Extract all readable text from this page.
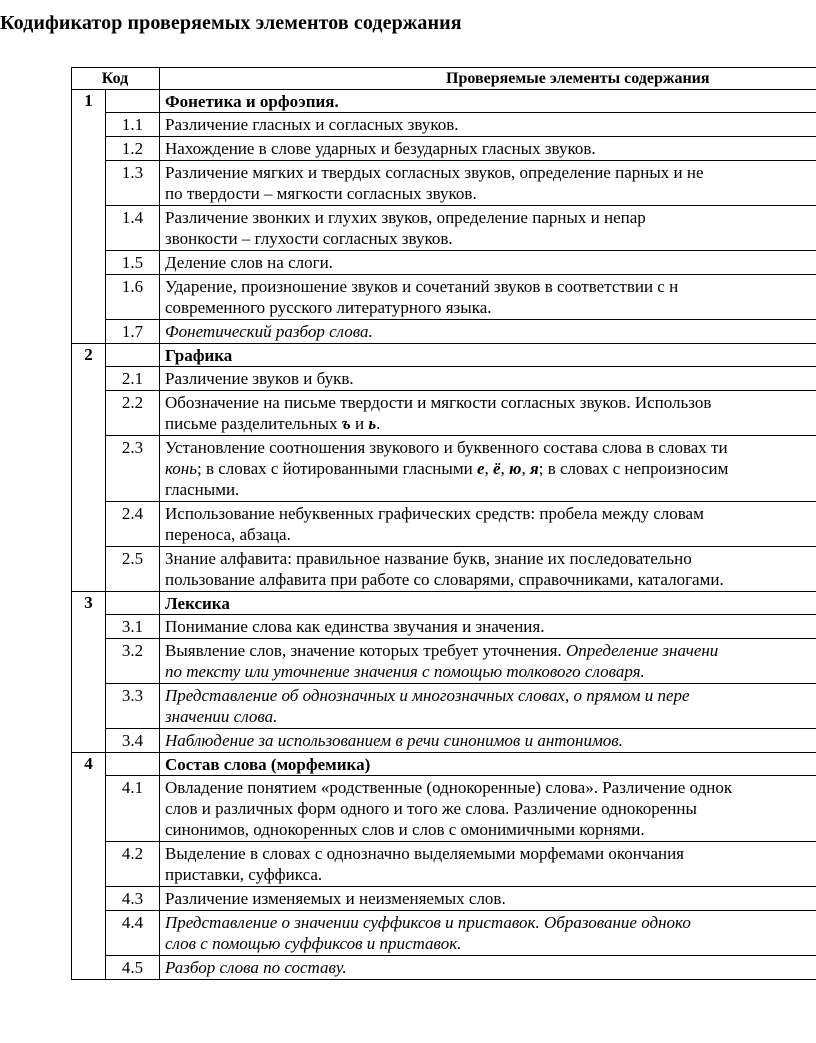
Кодификатор проверяемых элементов содержания
Код		Проверяемые элементы содержания
1		Фонетика и орфоэпия.
	1.1	Различение гласных и согласных звуков.
	1.2	Нахождение в слове ударных и безударных гласных звуков.
	1.3	Различение мягких и твердых согласных звуков, определение парных и не
по твердости – мягкости согласных звуков.
	1.4	Различение звонких и глухих звуков, определение парных и непар
звонкости – глухости согласных звуков.
	1.5	Деление слов на слоги.
	1.6	Ударение, произношение звуков и сочетаний звуков в соответствии с н
современного русского литературного языка.
	1.7	Фонетический разбор слова.
2		Графика
	2.1	Различение звуков и букв.
	2.2	Обозначение на письме твердости и мягкости согласных звуков. Использов
письме разделительных ъ и ь.
	2.3	Установление соотношения звукового и буквенного состава слова в словах ти
конь; в словах с йотированными гласными е, ё, ю, я; в словах с непроизносим
гласными.
	2.4	Использование небуквенных графических средств: пробела между словам
переноса, абзаца.
	2.5	Знание алфавита: правильное название букв, знание их последовательно
пользование алфавита при работе со словарями, справочниками, каталогами.
3		Лексика
	3.1	Понимание слова как единства звучания и значения.
	3.2	Выявление слов, значение которых требует уточнения. Определение значени
по тексту или уточнение значения с помощью толкового словаря.
	3.3	Представление об однозначных и многозначных словах, о прямом и пере
значении слова.
	3.4	Наблюдение за использованием в речи синонимов и антонимов.
4		Состав слова (морфемика)
	4.1	Овладение понятием «родственные (однокоренные) слова». Различение однок
слов и различных форм одного и того же слова. Различение однокоренны
синонимов, однокоренных слов и слов с омонимичными корнями.
	4.2	Выделение в словах с однозначно выделяемыми морфемами окончания
приставки, суффикса.
	4.3	Различение изменяемых и неизменяемых слов.
	4.4	Представление о значении суффиксов и приставок. Образование одноко
слов с помощью суффиксов и приставок.
	4.5	Разбор слова по составу.
